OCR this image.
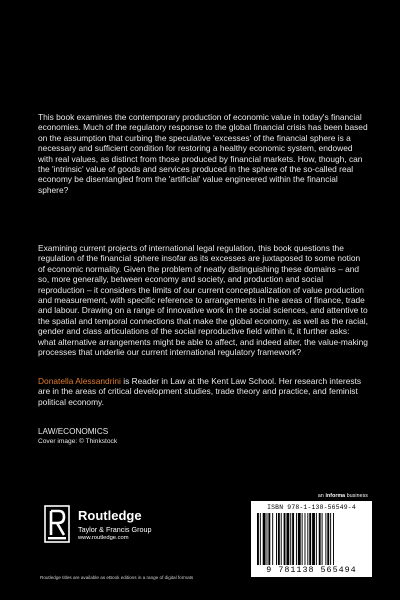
This book examines the contemporary production of economic value in today's financial economies. Much of the regulatory response to the global financial crisis has been based on the assumption that curbing the speculative 'excesses' of the financial sphere is a necessary and sufficient condition for restoring a healthy economic system, endowed with real values, as distinct from those produced by financial markets. How, though, can the 'intrinsic' value of goods and services produced in the sphere of the so-called real economy be disentangled from the 'artificial' value engineered within the financial sphere?

Examining current projects of international legal regulation, this book questions the regulation of the financial sphere insofar as its excesses are juxtaposed to some notion of economic normality. Given the problem of neatly distinguishing these domains – and so, more generally, between economy and society, and production and social reproduction – it considers the limits of our current conceptualization of value production and measurement, with specific reference to arrangements in the areas of finance, trade and labour. Drawing on a range of innovative work in the social sciences, and attentive to the spatial and temporal connections that make the global economy, as well as the racial, gender and class articulations of the social reproductive field within it, it further asks: what alternative arrangements might be able to affect, and indeed alter, the value-making processes that underlie our current international regulatory framework?

Donatella Alessandrini is Reader in Law at the Kent Law School. Her research interests are in the areas of critical development studies, trade theory and practice, and feminist political economy.

LAW/ECONOMICS
Cover image: © Thinkstock
an informa business
Routledge
Taylor & Francis Group
www.routledge.com
ISBN 978-1-138-56549-4
9 781138 565494
Routledge titles are available as eBook editions in a range of digital formats
